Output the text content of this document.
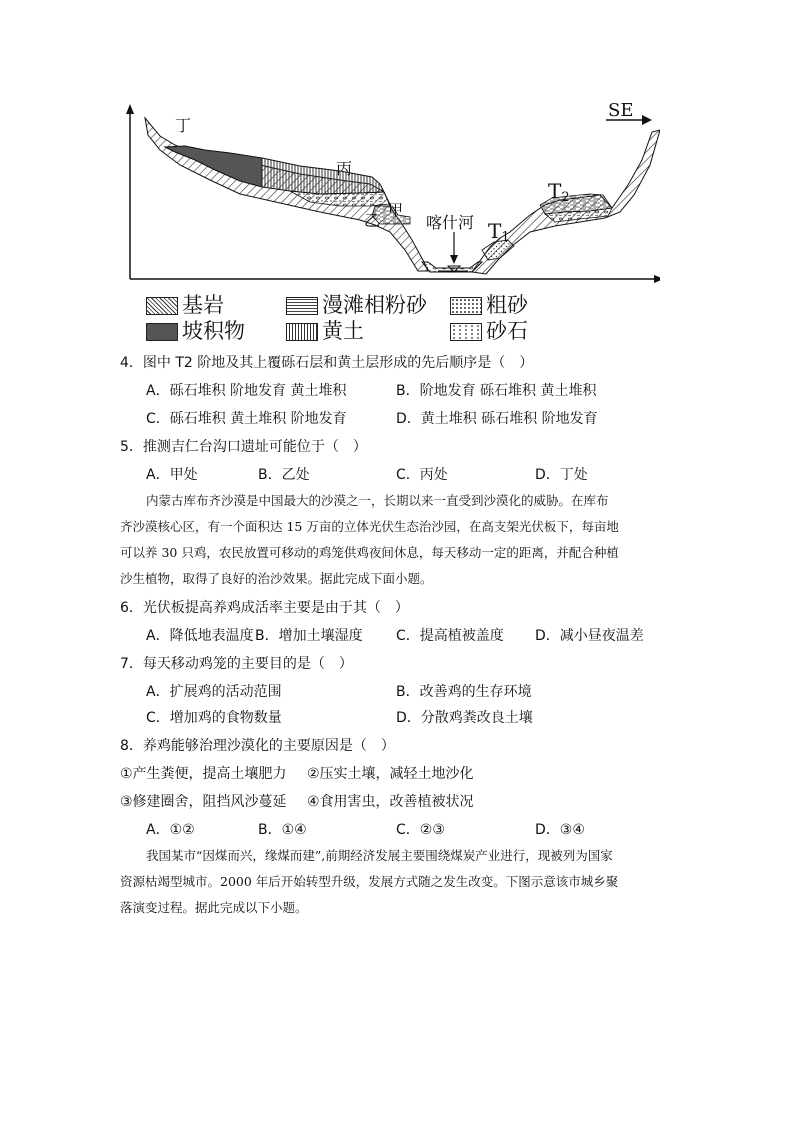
SE
丁
丙
甲
乙	喀什河 T1
T2
基岩	漫滩相粉砂	粗砂
坡积物	黄土	砂石
4．图中 T2 阶地及其上覆砾石层和黄土层形成的先后顺序是（　）
A．砾石堆积 阶地发育 黄土堆积	B．阶地发育 砾石堆积 黄土堆积
C．砾石堆积 黄土堆积 阶地发育	D．黄土堆积 砾石堆积 阶地发育
5．推测吉仁台沟口遗址可能位于（　）
A．甲处	B．乙处	C．丙处	D．丁处
内蒙古库布齐沙漠是中国最大的沙漠之一，长期以来一直受到沙漠化的威胁。在库布
齐沙漠核心区，有一个面积达 15 万亩的立体光伏生态治沙园，在高支架光伏板下，每亩地
可以养 30 只鸡，农民放置可移动的鸡笼供鸡夜间休息，每天移动一定的距离，并配合种植
沙生植物，取得了良好的治沙效果。据此完成下面小题。
6．光伏板提高养鸡成活率主要是由于其（　）
A．降低地表温度 B．增加土壤湿度 C．提高植被盖度 D．减小昼夜温差
7．每天移动鸡笼的主要目的是（　）
A．扩展鸡的活动范围	B．改善鸡的生存环境
C．增加鸡的食物数量	D．分散鸡粪改良土壤
8．养鸡能够治理沙漠化的主要原因是（　）
①产生粪便，提高土壤肥力 ②压实土壤，减轻土地沙化
③修建圈舍，阻挡风沙蔓延 ④食用害虫，改善植被状况
A．①②	B．①④	C．②③	D．③④
我国某市“因煤而兴，缘煤而建”,前期经济发展主要围绕煤炭产业进行，现被列为国家
资源枯竭型城市。2000 年后开始转型升级，发展方式随之发生改变。下图示意该市城乡聚
落演变过程。据此完成以下小题。
